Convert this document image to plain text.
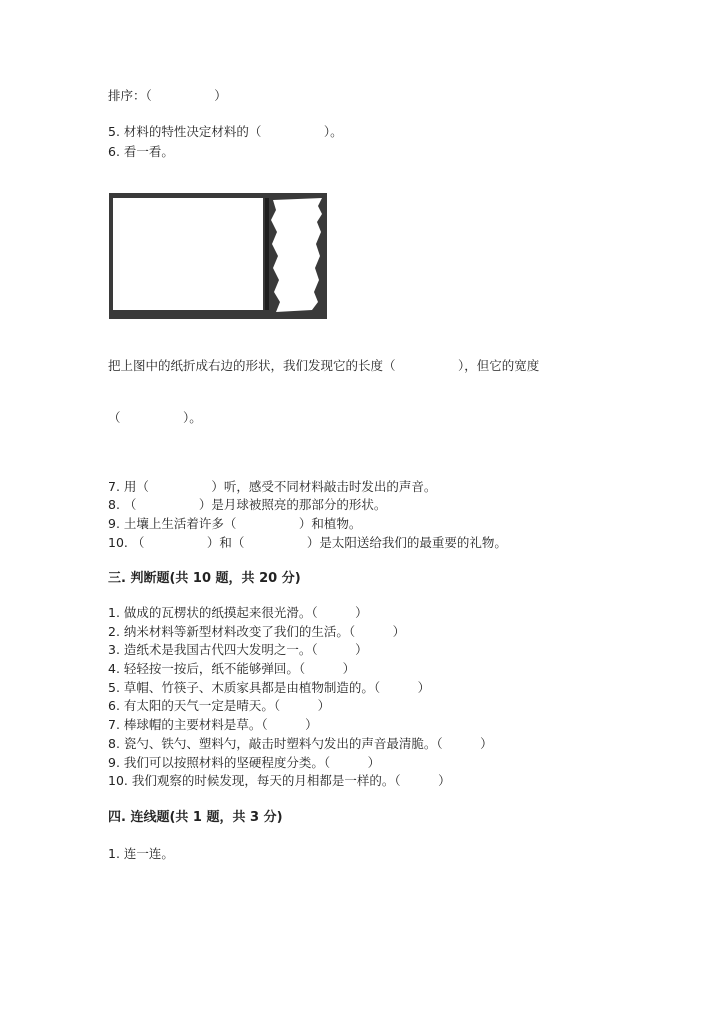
排序：（　　　　　）
5. 材料的特性决定材料的（　　　　　）。
6. 看一看。
把上图中的纸折成右边的形状，我们发现它的长度（　　　　　），但它的宽度
（　　　　　）。
7. 用（　　　　　）听，感受不同材料敲击时发出的声音。
8. （　　　　　）是月球被照亮的那部分的形状。
9. 土壤上生活着许多（　　　　　）和植物。
10. （　　　　　）和（　　　　　）是太阳送给我们的最重要的礼物。
三. 判断题(共 10 题，共 20 分)
1. 做成的瓦楞状的纸摸起来很光滑。（　　　）
2. 纳米材料等新型材料改变了我们的生活。（　　　）
3. 造纸术是我国古代四大发明之一。（　　　）
4. 轻轻按一按后，纸不能够弹回。（　　　）
5. 草帽、竹筷子、木质家具都是由植物制造的。（　　　）
6. 有太阳的天气一定是晴天。（　　　）
7. 棒球帽的主要材料是草。（　　　）
8. 瓷勺、铁勺、塑料勺，敲击时塑料勺发出的声音最清脆。（　　　）
9. 我们可以按照材料的坚硬程度分类。（　　　）
10. 我们观察的时候发现，每天的月相都是一样的。（　　　）
四. 连线题(共 1 题，共 3 分)
1. 连一连。
